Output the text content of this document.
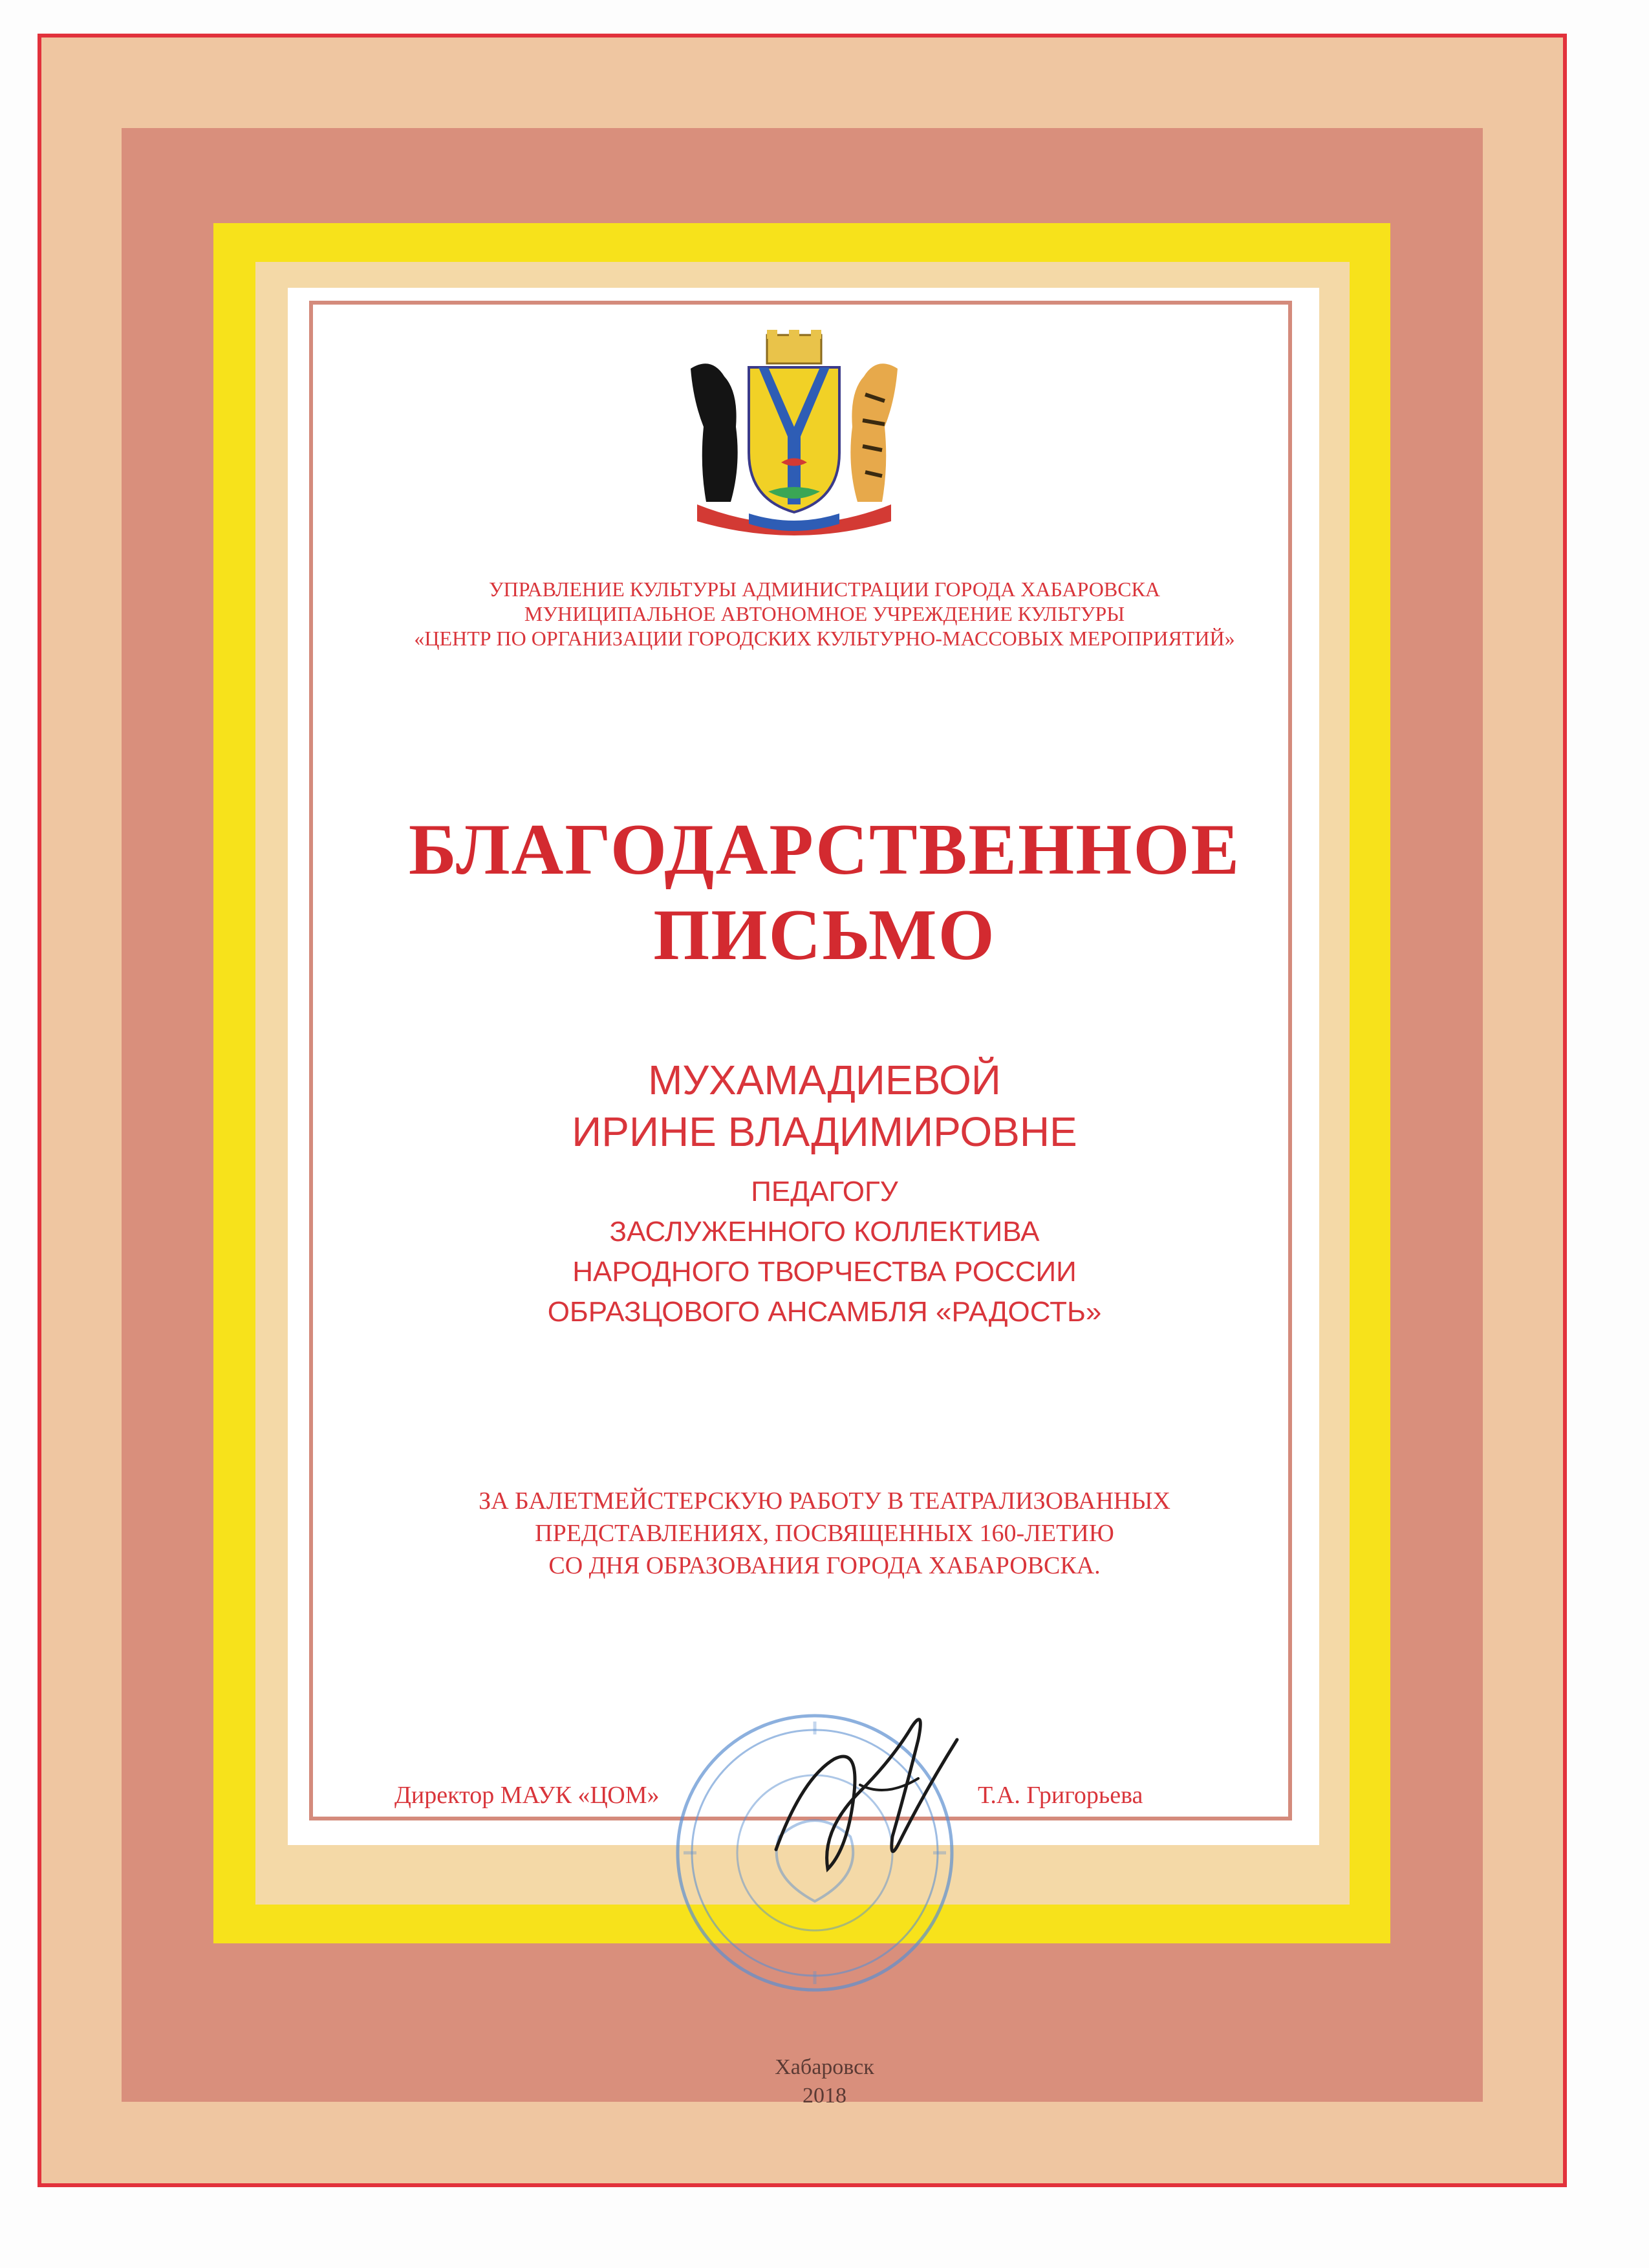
УПРАВЛЕНИЕ КУЛЬТУРЫ АДМИНИСТРАЦИИ ГОРОДА ХАБАРОВСКА
МУНИЦИПАЛЬНОЕ АВТОНОМНОЕ УЧРЕЖДЕНИЕ КУЛЬТУРЫ
«ЦЕНТР ПО ОРГАНИЗАЦИИ ГОРОДСКИХ КУЛЬТУРНО-МАССОВЫХ МЕРОПРИЯТИЙ»
БЛАГОДАРСТВЕННОЕ
ПИСЬМО
МУХАМАДИЕВОЙ
ИРИНЕ ВЛАДИМИРОВНЕ
ПЕДАГОГУ
ЗАСЛУЖЕННОГО КОЛЛЕКТИВА
НАРОДНОГО ТВОРЧЕСТВА РОССИИ
ОБРАЗЦОВОГО АНСАМБЛЯ «РАДОСТЬ»
ЗА БАЛЕТМЕЙСТЕРСКУЮ РАБОТУ В ТЕАТРАЛИЗОВАННЫХ
ПРЕДСТАВЛЕНИЯХ, ПОСВЯЩЕННЫХ 160-ЛЕТИЮ
СО ДНЯ ОБРАЗОВАНИЯ ГОРОДА ХАБАРОВСКА.
Директор МАУК «ЦОМ»	Т.А. Григорьева
Хабаровск
2018
